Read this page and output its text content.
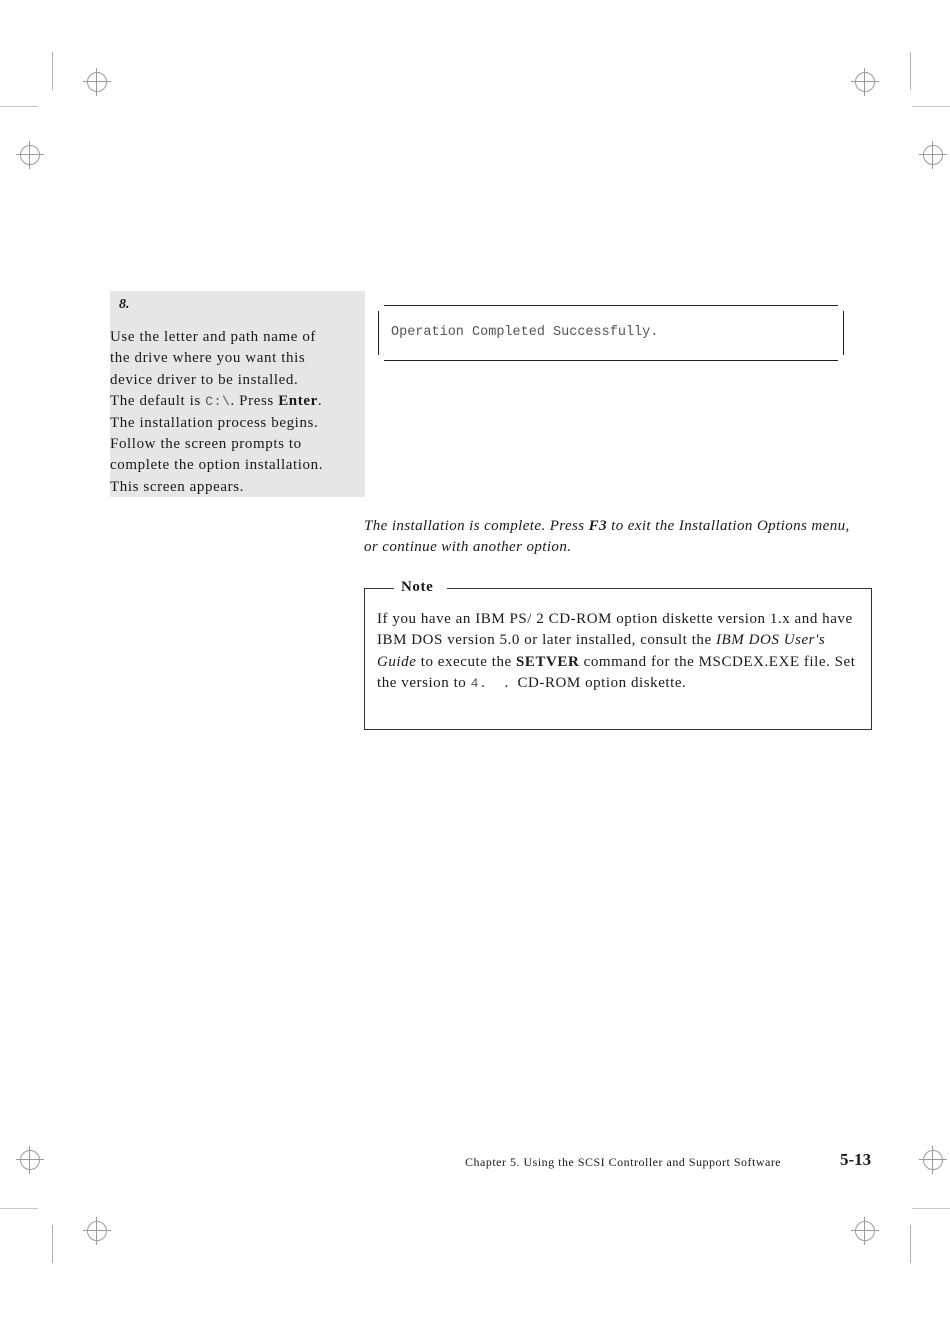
8.
Use the letter and path name of
the drive where you want this
device driver to be installed.
The default is C:\. Press Enter.
The installation process begins.
Follow the screen prompts to
complete the option installation.
This screen appears.
Operation Completed Successfully.
The installation is complete. Press F3 to exit the Installation Options menu, or continue with another option.
Note
If you have an IBM PS/ 2 CD-ROM option diskette version 1.x and have IBM DOS version 5.0 or later installed, consult the IBM DOS User's Guide to execute the SETVER command for the MSCDEX.EXE file. Set the version to 4.    .  CD-ROM option diskette.
Chapter 5. Using the SCSI Controller and Support Software	5-13
